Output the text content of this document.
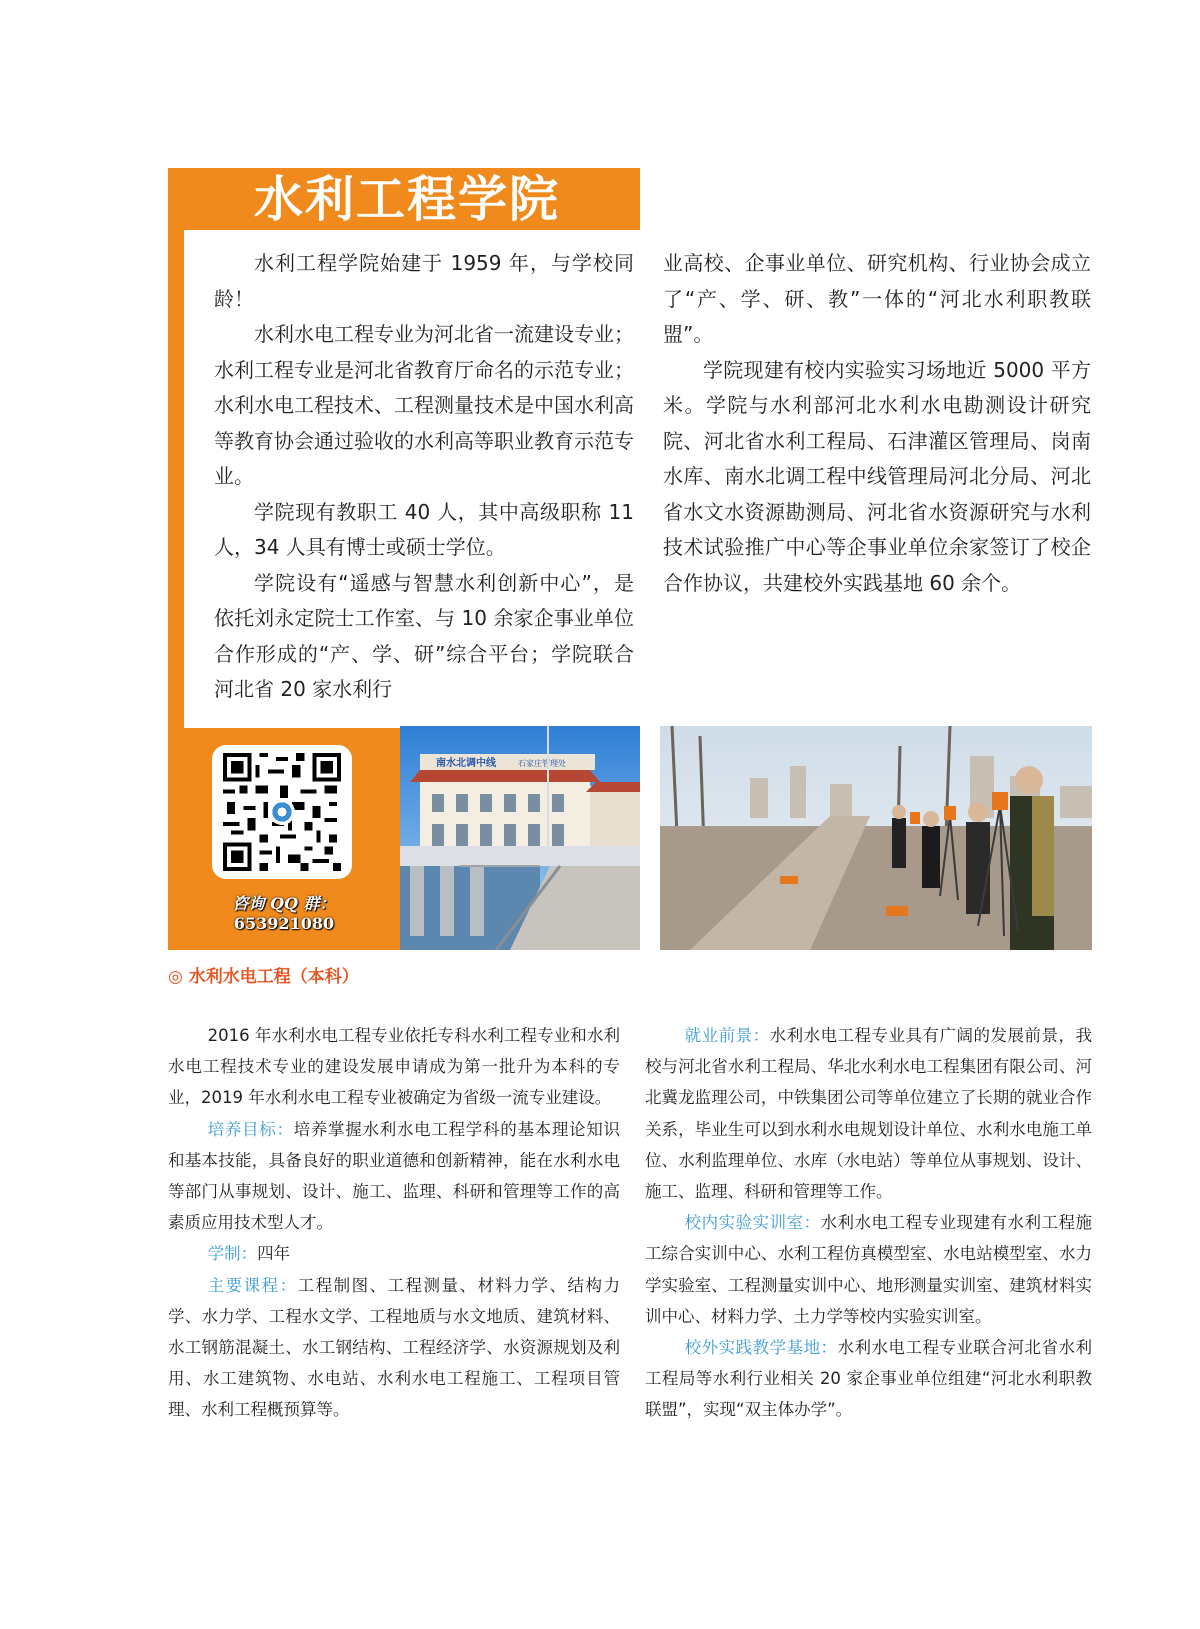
水利工程学院

水利工程学院始建于 1959 年，与学校同龄！

水利水电工程专业为河北省一流建设专业；水利工程专业是河北省教育厅命名的示范专业；水利水电工程技术、工程测量技术是中国水利高等教育协会通过验收的水利高等职业教育示范专业。

学院现有教职工 40 人，其中高级职称 11 人，34 人具有博士或硕士学位。

学院设有“遥感与智慧水利创新中心”，是依托刘永定院士工作室、与 10 余家企事业单位合作形成的“产、学、研”综合平台；学院联合河北省 20 家水利行

业高校、企事业单位、研究机构、行业协会成立了“产、学、研、教”一体的“河北水利职教联盟”。

学院现建有校内实验实习场地近 5000 平方米。学院与水利部河北水利水电勘测设计研究院、河北省水利工程局、石津灌区管理局、岗南水库、南水北调工程中线管理局河北分局、河北省水文水资源勘测局、河北省水资源研究与水利技术试验推广中心等企事业单位余家签订了校企合作协议，共建校外实践基地 60 余个。

咨询 QQ 群：
653921080
南水北调中线	石家庄管理处
◎ 水利水电工程（本科）

2016 年水利水电工程专业依托专科水利工程专业和水利水电工程技术专业的建设发展申请成为第一批升为本科的专业，2019 年水利水电工程专业被确定为省级一流专业建设。

培养目标：培养掌握水利水电工程学科的基本理论知识和基本技能，具备良好的职业道德和创新精神，能在水利水电等部门从事规划、设计、施工、监理、科研和管理等工作的高素质应用技术型人才。

学制：四年

主要课程：工程制图、工程测量、材料力学、结构力学、水力学、工程水文学、工程地质与水文地质、建筑材料、水工钢筋混凝土、水工钢结构、工程经济学、水资源规划及利用、水工建筑物、水电站、水利水电工程施工、工程项目管理、水利工程概预算等。

就业前景：水利水电工程专业具有广阔的发展前景，我校与河北省水利工程局、华北水利水电工程集团有限公司、河北冀龙监理公司，中铁集团公司等单位建立了长期的就业合作关系，毕业生可以到水利水电规划设计单位、水利水电施工单位、水利监理单位、水库（水电站）等单位从事规划、设计、施工、监理、科研和管理等工作。

校内实验实训室：水利水电工程专业现建有水利工程施工综合实训中心、水利工程仿真模型室、水电站模型室、水力学实验室、工程测量实训中心、地形测量实训室、建筑材料实训中心、材料力学、土力学等校内实验实训室。

校外实践教学基地：水利水电工程专业联合河北省水利工程局等水利行业相关 20 家企事业单位组建“河北水利职教联盟”，实现“双主体办学”。
